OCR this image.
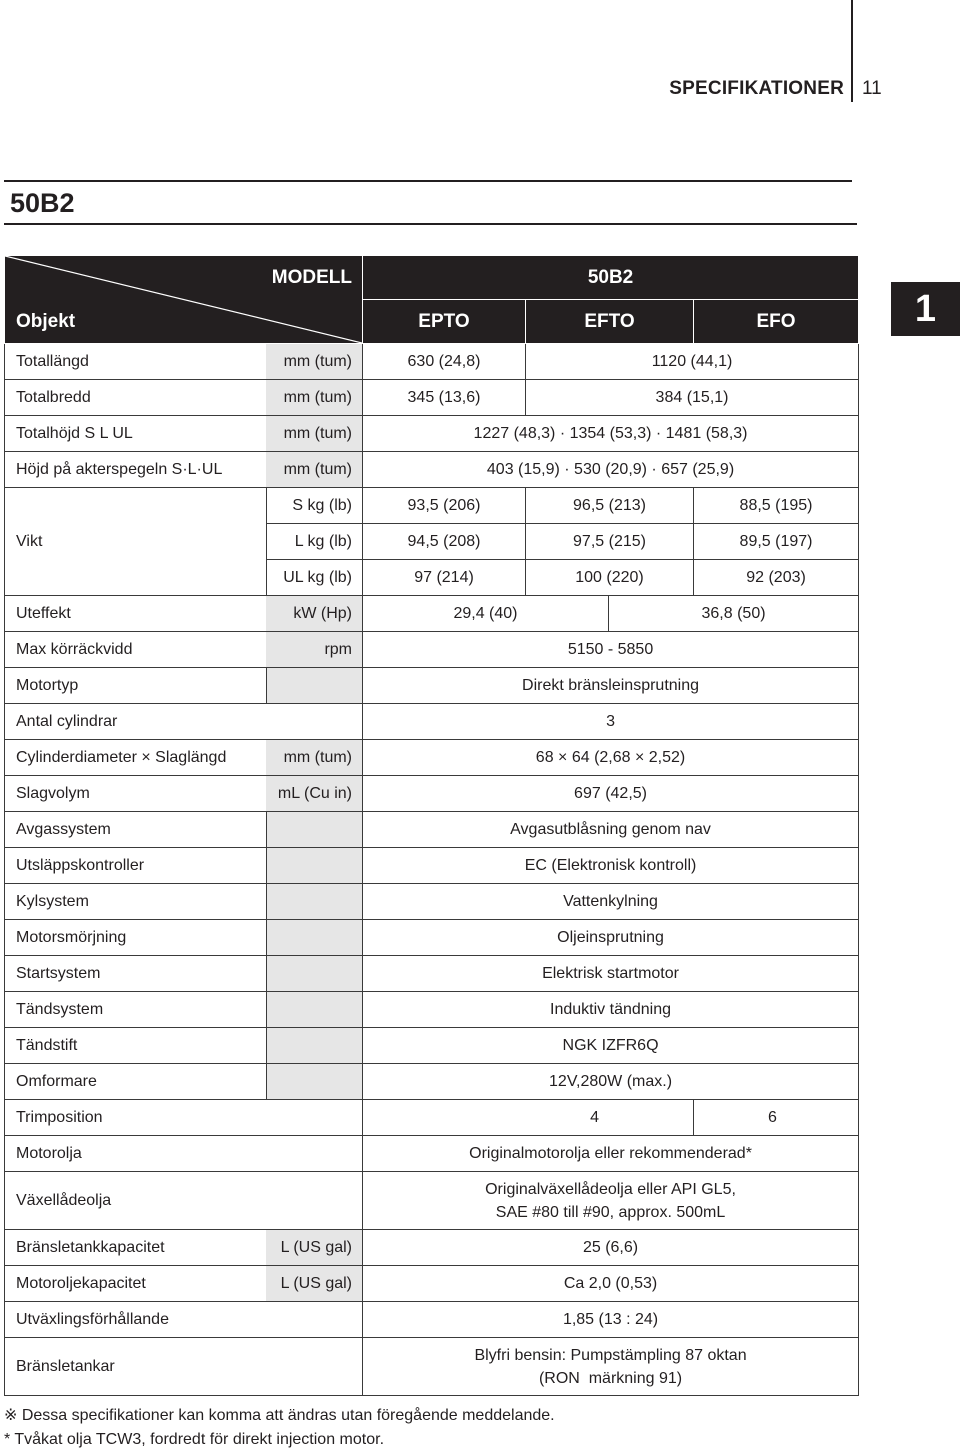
SPECIFIKATIONER 11
50B2
1
MODELL
Objekt		50B2			
		EPTO	EFTO		EFO
Totallängd	mm (tum)	630 (24,8)	1120 (44,1)		
Totalbredd	mm (tum)	345 (13,6)	384 (15,1)		
Totalhöjd S L UL	mm (tum)	1227 (48,3) · 1354 (53,3) · 1481 (58,3)			
Höjd på akterspegeln S·L·UL	mm (tum)	403 (15,9) · 530 (20,9) · 657 (25,9)			
Vikt	S kg (lb)	93,5 (206)	96,5 (213)		88,5 (195)
	L kg (lb)	94,5 (208)	97,5 (215)		89,5 (197)
	UL kg (lb)	97 (214)	100 (220)		92 (203)
Uteffekt	kW (Hp)	29,4 (40)		36,8 (50)	
Max körräckvidd	rpm	5150 - 5850			
Motortyp		Direkt bränsleinsprutning			
Antal cylindrar		3			
Cylinderdiameter × Slaglängd	mm (tum)	68 × 64 (2,68 × 2,52)			
Slagvolym	mL (Cu in)	697 (42,5)			
Avgassystem		Avgasutblåsning genom nav			
Utsläppskontroller		EC (Elektronisk kontroll)			
Kylsystem		Vattenkylning			
Motorsmörjning		Oljeinsprutning			
Startsystem		Elektrisk startmotor			
Tändsystem		Induktiv tändning			
Tändstift		NGK IZFR6Q			
Omformare		12V,280W (max.)			
Trimposition		4			6
Motorolja		Originalmotorolja eller rekommenderad*			
Växellådeolja		Originalväxellådeolja eller API GL5,
SAE #80 till #90, approx. 500mL			

Bränsletankkapacitet	L (US gal)	25 (6,6)			
Motoroljekapacitet	L (US gal)	Ca 2,0 (0,53)			
Utväxlingsförhållande		1,85 (13 : 24)			
Bränsletankar		Blyfri bensin: Pumpstämpling 87 oktan
(RON  märkning 91)			
※ Dessa specifikationer kan komma att ändras utan föregående meddelande.
* Tvåkat olja TCW3, fordredt för direkt injection motor.
